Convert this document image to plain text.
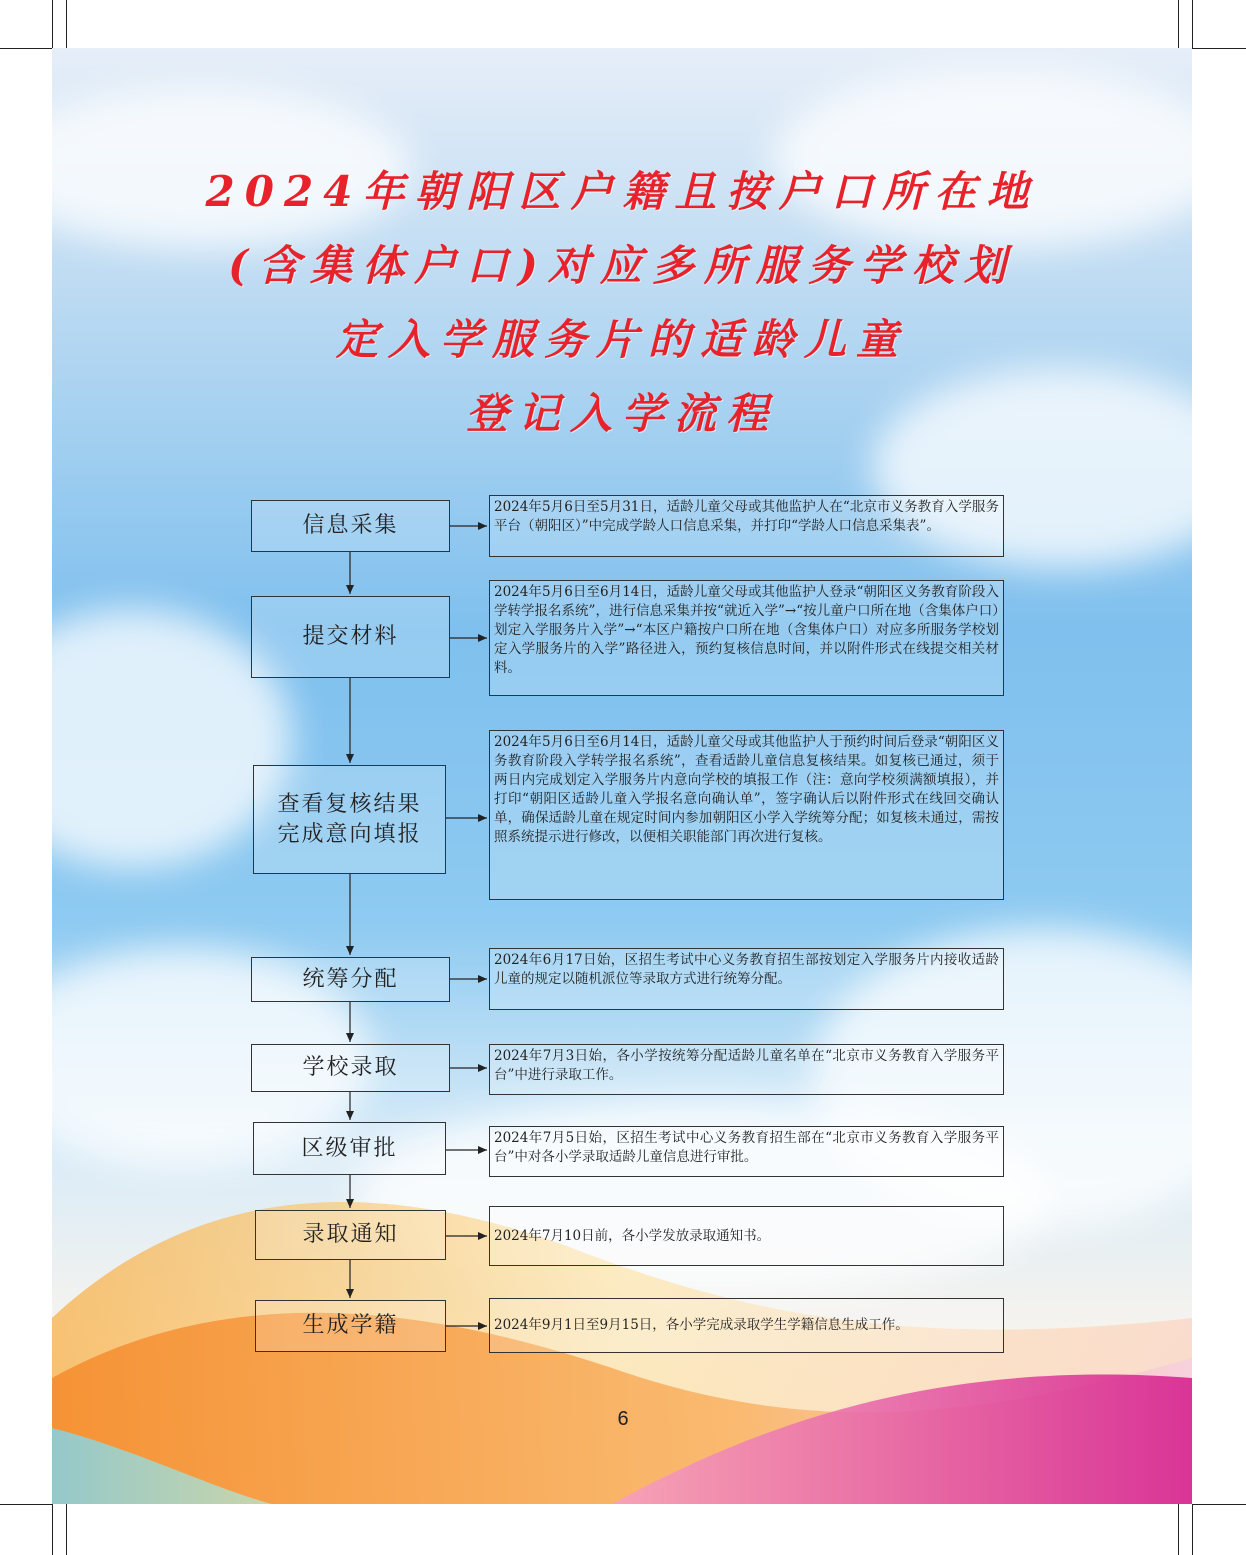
2024年朝阳区户籍且按户口所在地
(含集体户口)对应多所服务学校划
定入学服务片的适龄儿童
登记入学流程
信息采集
提交材料
查看复核结果
完成意向填报
统筹分配
学校录取
区级审批
录取通知
生成学籍
2024年5月6日至5月31日，适龄儿童父母或其他监护人在“北京市义务教育入学服务平台（朝阳区）”中完成学龄人口信息采集，并打印“学龄人口信息采集表”。
2024年5月6日至6月14日，适龄儿童父母或其他监护人登录“朝阳区义务教育阶段入学转学报名系统”，进行信息采集并按“就近入学”→“按儿童户口所在地（含集体户口）划定入学服务片入学”→“本区户籍按户口所在地（含集体户口）对应多所服务学校划定入学服务片的入学”路径进入，预约复核信息时间，并以附件形式在线提交相关材料。
2024年5月6日至6月14日，适龄儿童父母或其他监护人于预约时间后登录“朝阳区义务教育阶段入学转学报名系统”，查看适龄儿童信息复核结果。如复核已通过，须于两日内完成划定入学服务片内意向学校的填报工作（注：意向学校须满额填报），并打印“朝阳区适龄儿童入学报名意向确认单”，签字确认后以附件形式在线回交确认单，确保适龄儿童在规定时间内参加朝阳区小学入学统筹分配；如复核未通过，需按照系统提示进行修改，以便相关职能部门再次进行复核。
2024年6月17日始，区招生考试中心义务教育招生部按划定入学服务片内接收适龄儿童的规定以随机派位等录取方式进行统筹分配。
2024年7月3日始，各小学按统筹分配适龄儿童名单在“北京市义务教育入学服务平台”中进行录取工作。
2024年7月5日始，区招生考试中心义务教育招生部在“北京市义务教育入学服务平台”中对各小学录取适龄儿童信息进行审批。
2024年7月10日前，各小学发放录取通知书。
2024年9月1日至9月15日，各小学完成录取学生学籍信息生成工作。
6
